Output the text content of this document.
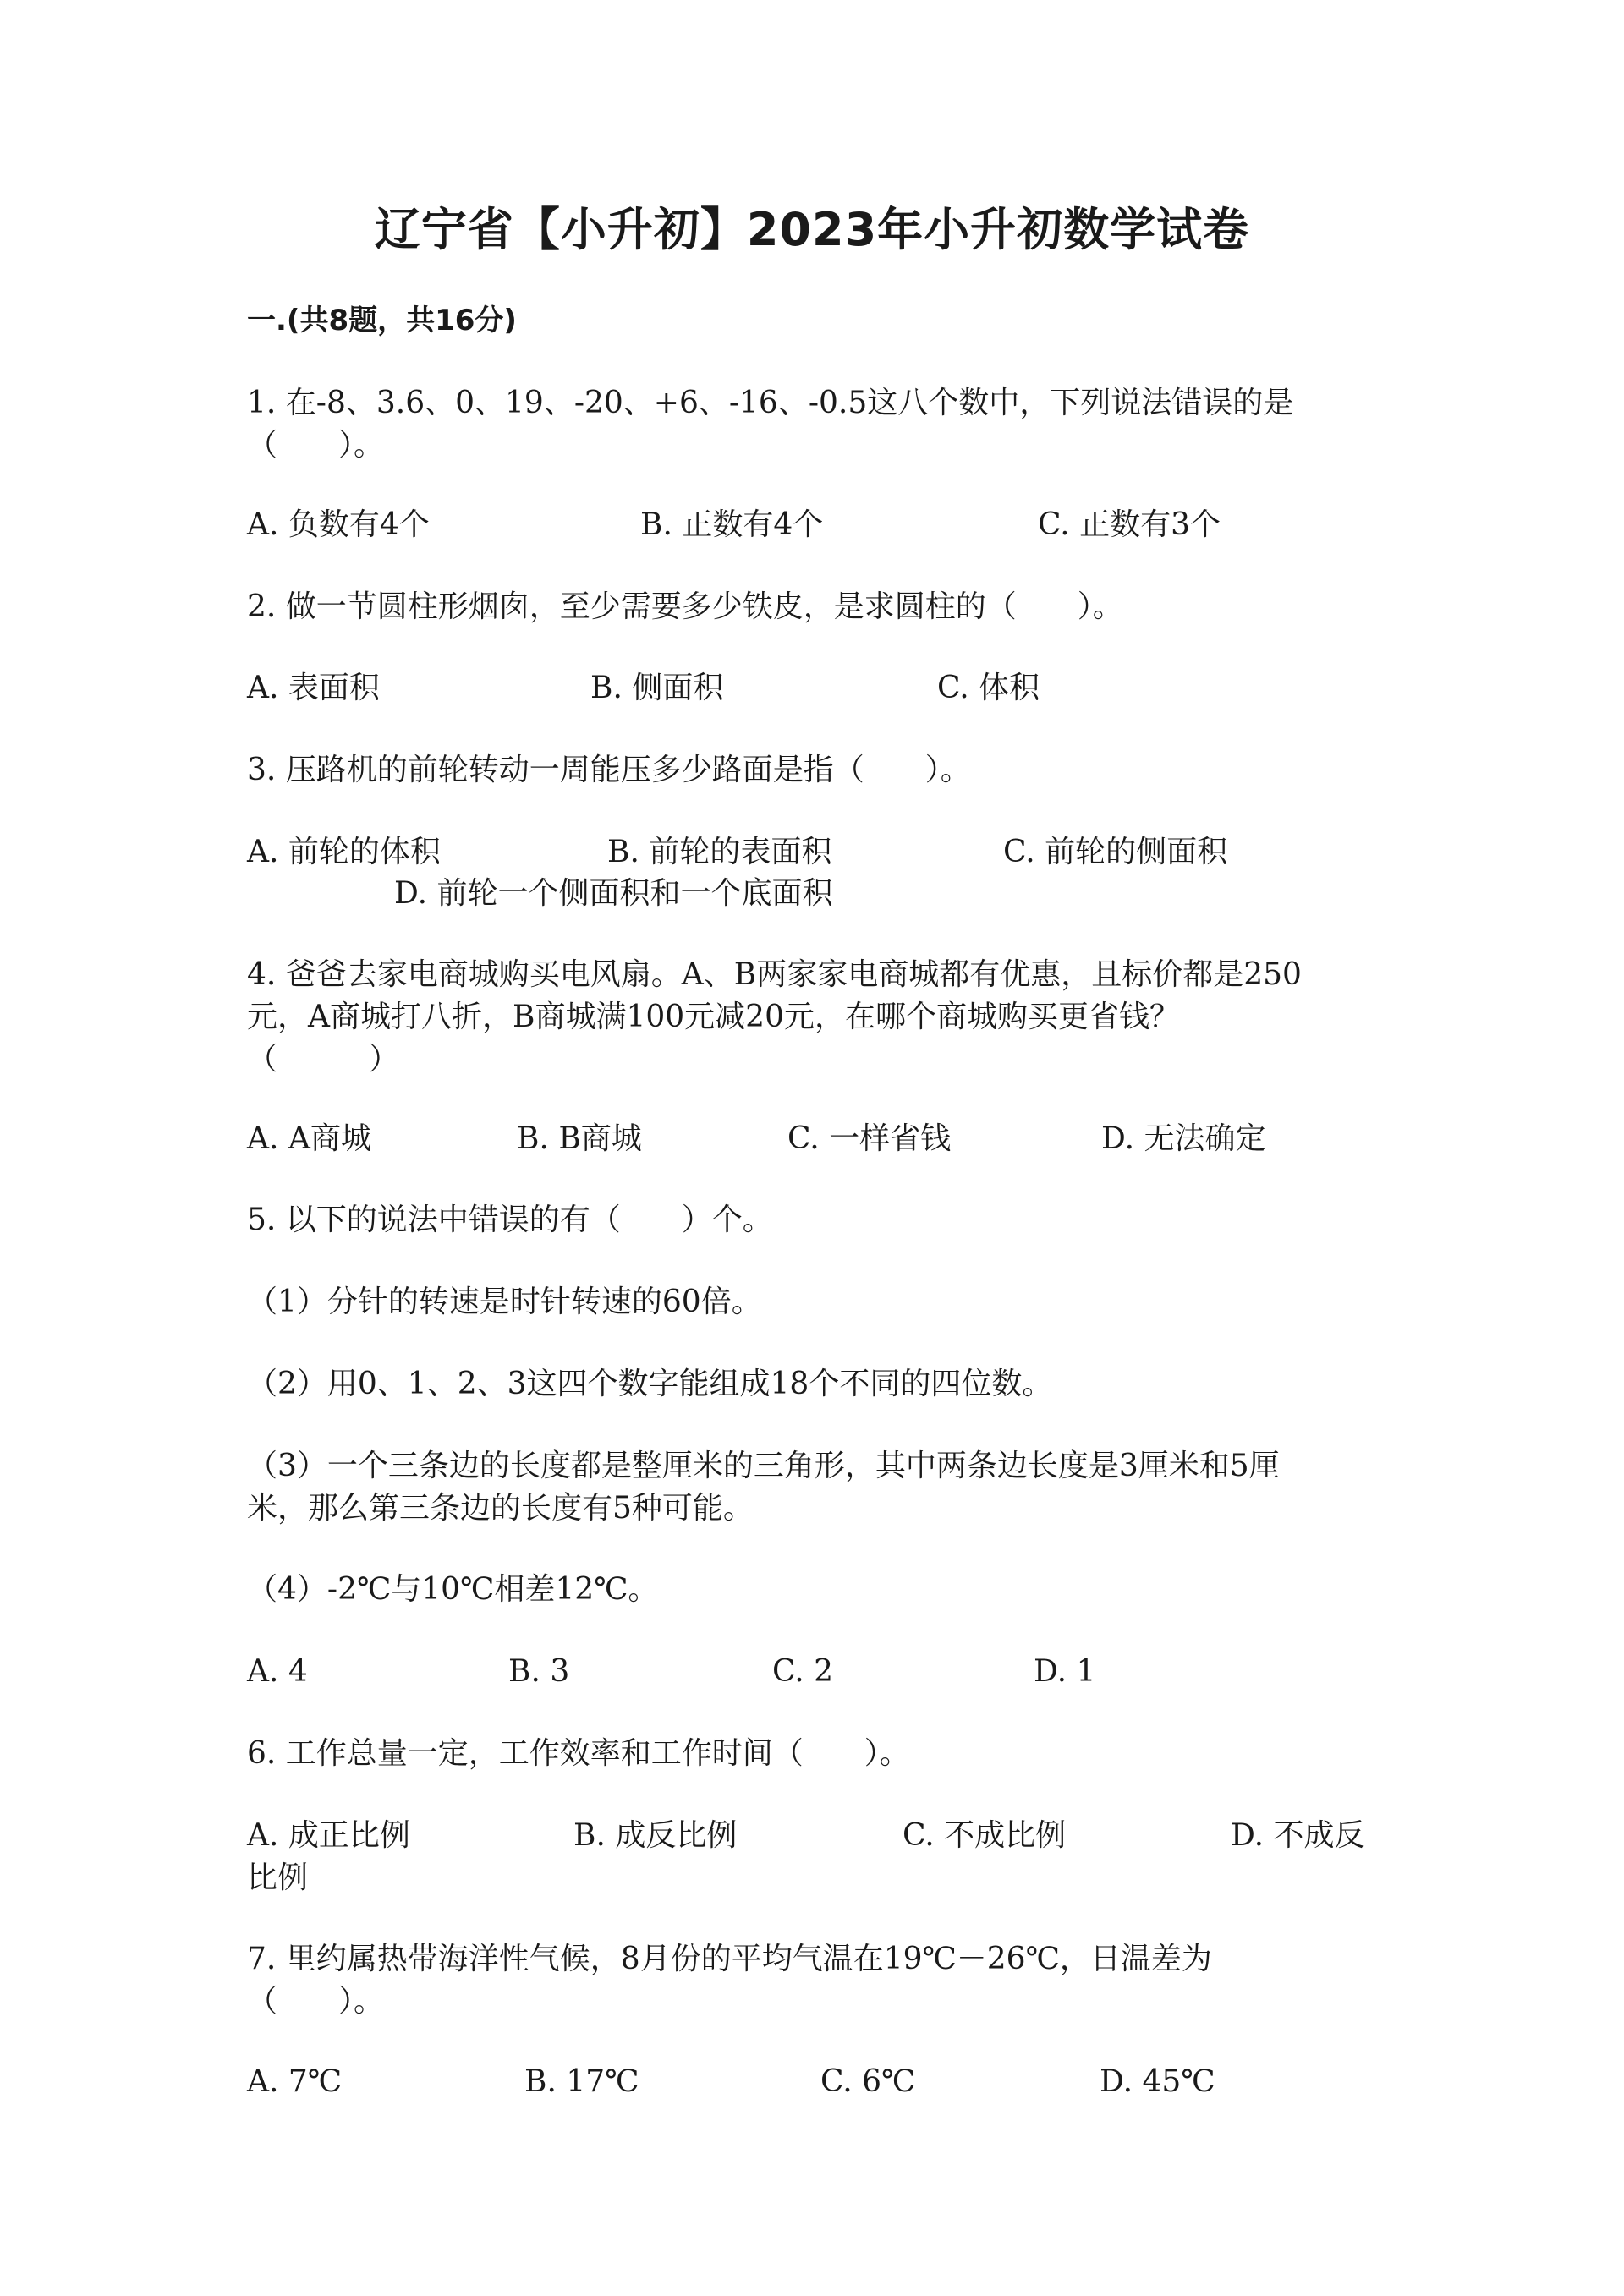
辽宁省【小升初】2023年小升初数学试卷
一.(共8题，共16分)
1. 在-8、3.6、0、19、-20、+6、-16、-0.5这八个数中，下列说法错误的是
（　　）。
A. 负数有4个	B. 正数有4个	C. 正数有3个
2. 做一节圆柱形烟囱，至少需要多少铁皮，是求圆柱的（　　）。
A. 表面积	B. 侧面积	C. 体积
3. 压路机的前轮转动一周能压多少路面是指（　　）。
A. 前轮的体积	B. 前轮的表面积	C. 前轮的侧面积
D. 前轮一个侧面积和一个底面积
4. 爸爸去家电商城购买电风扇。A、B两家家电商城都有优惠，且标价都是250
元，A商城打八折，B商城满100元减20元，在哪个商城购买更省钱？
（　　　）
A. A商城	B. B商城	C. 一样省钱	D. 无法确定
5. 以下的说法中错误的有（　　）个。
（1）分针的转速是时针转速的60倍。
（2）用0、1、2、3这四个数字能组成18个不同的四位数。
（3）一个三条边的长度都是整厘米的三角形，其中两条边长度是3厘米和5厘
米，那么第三条边的长度有5种可能。
（4）-2℃与10℃相差12℃。
A. 4	B. 3	C. 2	D. 1
6. 工作总量一定，工作效率和工作时间（　　）。
A. 成正比例	B. 成反比例	C. 不成比例	D. 不成反
比例
7. 里约属热带海洋性气候，8月份的平均气温在19℃－26℃，日温差为
（　　）。
A. 7℃	B. 17℃	C. 6℃	D. 45℃
